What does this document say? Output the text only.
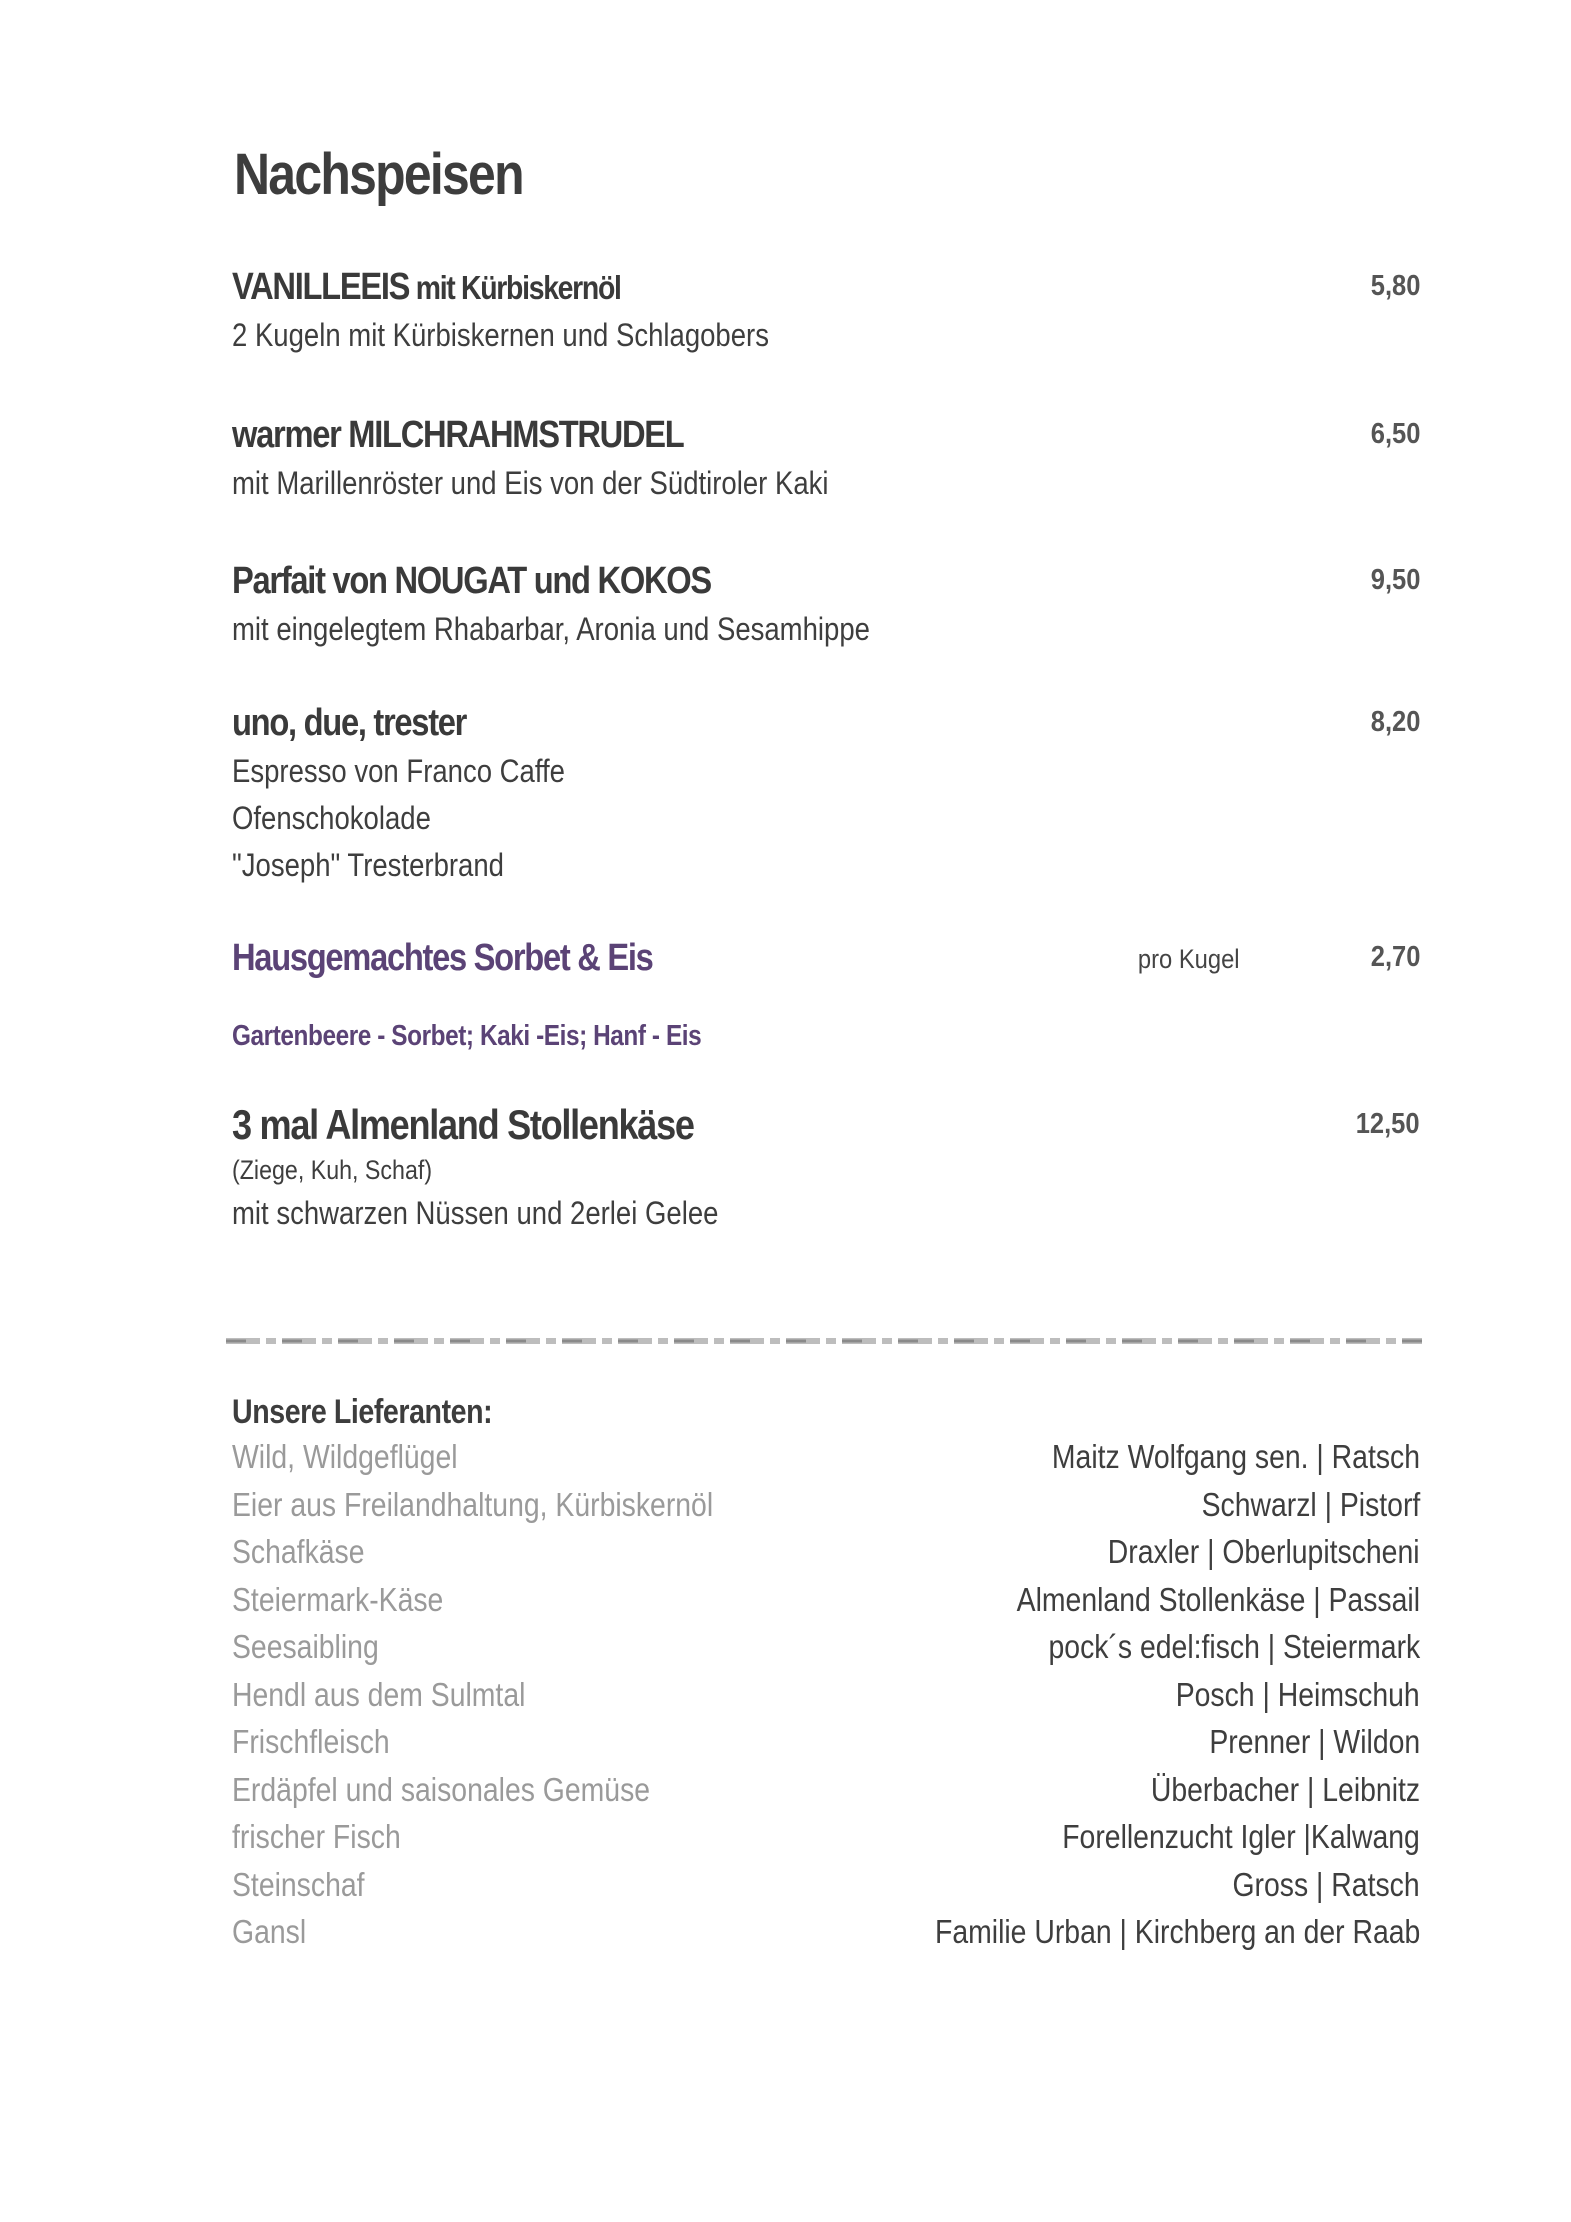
Nachspeisen
VANILLEEIS mit Kürbiskernöl	5,80

2 Kugeln mit Kürbiskernen und Schlagobers

warmer MILCHRAHMSTRUDEL	6,50

mit Marillenröster und Eis von der Südtiroler Kaki

Parfait von NOUGAT und KOKOS	9,50

mit eingelegtem Rhabarbar, Aronia und Sesamhippe

uno, due, trester	8,20

Espresso von Franco Caffe

Ofenschokolade

"Joseph" Tresterbrand

Hausgemachtes Sorbet & Eis	pro Kugel	2,70
Gartenbeere - Sorbet; Kaki -Eis; Hanf - Eis
3 mal Almenland Stollenkäse	12,50

(Ziege, Kuh, Schaf)

mit schwarzen Nüssen und 2erlei Gelee

Unsere Lieferanten:
Wild, Wildgeflügel	Maitz Wolfgang sen. | Ratsch
Eier aus Freilandhaltung, Kürbiskernöl	Schwarzl | Pistorf
Schafkäse	Draxler | Oberlupitscheni
Steiermark-Käse	Almenland Stollenkäse | Passail
Seesaibling	pock´s edel:fisch | Steiermark
Hendl aus dem Sulmtal	Posch | Heimschuh
Frischfleisch	Prenner | Wildon
Erdäpfel und saisonales Gemüse	Überbacher | Leibnitz
frischer Fisch	Forellenzucht Igler |Kalwang
Steinschaf	Gross | Ratsch
Gansl	Familie Urban | Kirchberg an der Raab
